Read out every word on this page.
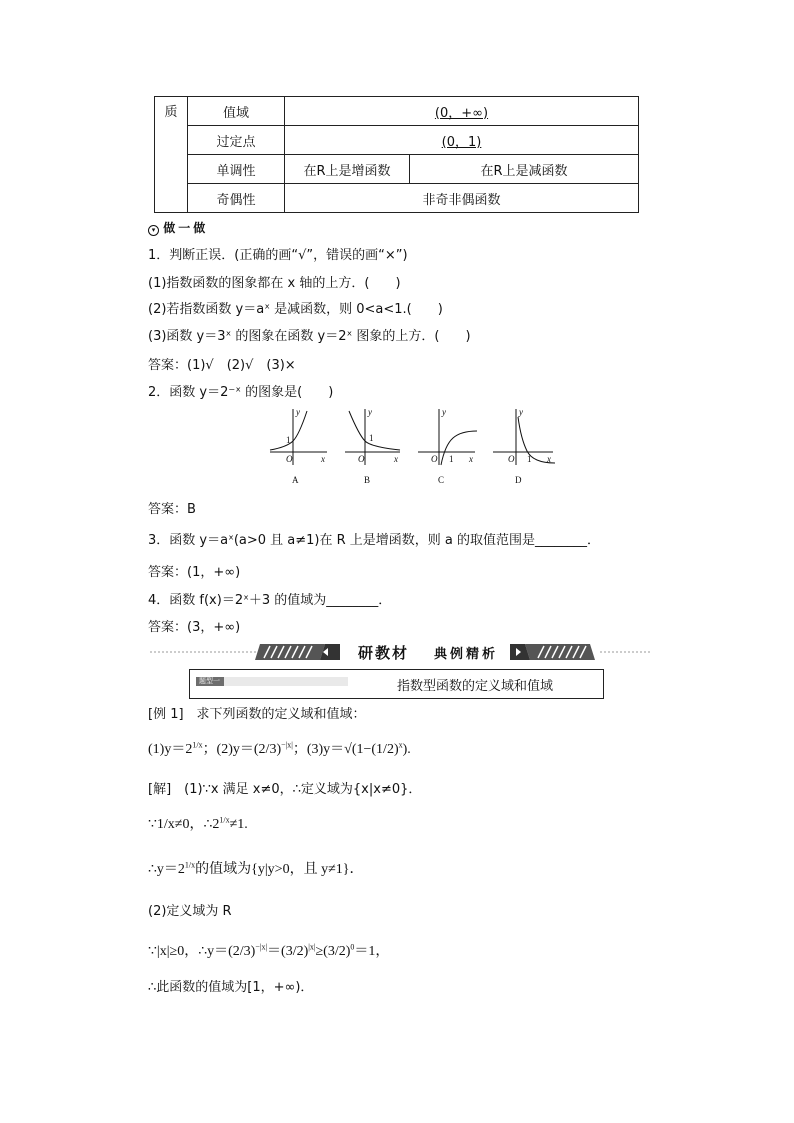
质	值域	(0，+∞)	
	过定点	(0，1)	
	单调性	在R上是增函数	在R上是减函数
	奇偶性	非奇非偶函数	
▾ 做一做
1．判断正误．(正确的画“√”，错误的画“×”)
(1)指数函数的图象都在 x 轴的上方．(　　)
(2)若指数函数 y＝aˣ 是减函数，则 0<a<1.(　　)
(3)函数 y＝3ˣ 的图象在函数 y＝2ˣ 图象的上方．(　　)
答案：(1)√　(2)√　(3)×
2．函数 y＝2⁻ˣ 的图象是(　　)
y
x
O
1
A
y
x
O
1
B
y
x
O 1
C
y
x
O 1
D
答案：B
3．函数 y＝aˣ(a>0 且 a≠1)在 R 上是增函数，则 a 的取值范围是________．
答案：(1，+∞)
4．函数 f(x)＝2ˣ＋3 的值域为________．
答案：(3，+∞)
研教材 典例精析
题型一	指数型函数的定义域和值域
[例 1]　求下列函数的定义域和值域：
$(1)y=2^{1/x}$；$(2)y=(2/3)^{-|x|}$；$(3)y=√(1-(1/2)^x)$.
[解]　(1)∵x 满足 x≠0，∴定义域为{x|x≠0}．
∵1/x≠0，$\therefore 2^{1/x}\ne 1$.
$\therefore y=2^{1/x}$的值域为{y|y>0，且 y≠1}．
(2)定义域为 R
∵|x|≥0，$\therefore y=(2/3)^{-|x|}=(3/2)^{|x|}\ge(3/2)^0=1$，
∴此函数的值域为[1，+∞)．
